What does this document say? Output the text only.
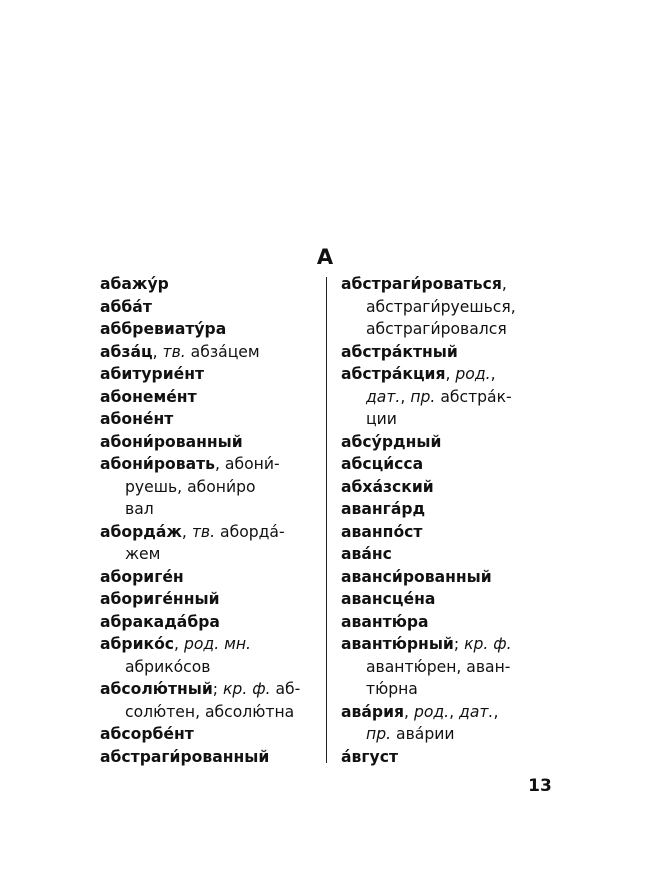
А
абажу́р
абба́т
аббревиату́ра
абза́ц, тв. абза́цем
абитурие́нт
абонеме́нт
абоне́нт
абони́рованный
абони́ровать, абони́-
руешь, абони́ро
вал
аборда́ж, тв. аборда́-
жем
абориге́н
абориге́нный
абракада́бра
абрико́с, род. мн.
абрико́сов
абсолю́тный; кр. ф. аб-
солю́тен, абсолю́тна
абсорбе́нт
абстраги́рованный
абстраги́роваться,
абстраги́руешься,
абстраги́ровался
абстра́ктный
абстра́кция, род.,
дат., пр. абстра́к-
ции
абсу́рдный
абсци́сса
абха́зский
аванга́рд
аванпо́ст
ава́нс
аванси́рованный
авансце́на
авантю́ра
авантю́рный; кр. ф.
авантю́рен, аван-
тю́рна
ава́рия, род., дат.,
пр. ава́рии
а́вгуст
13
